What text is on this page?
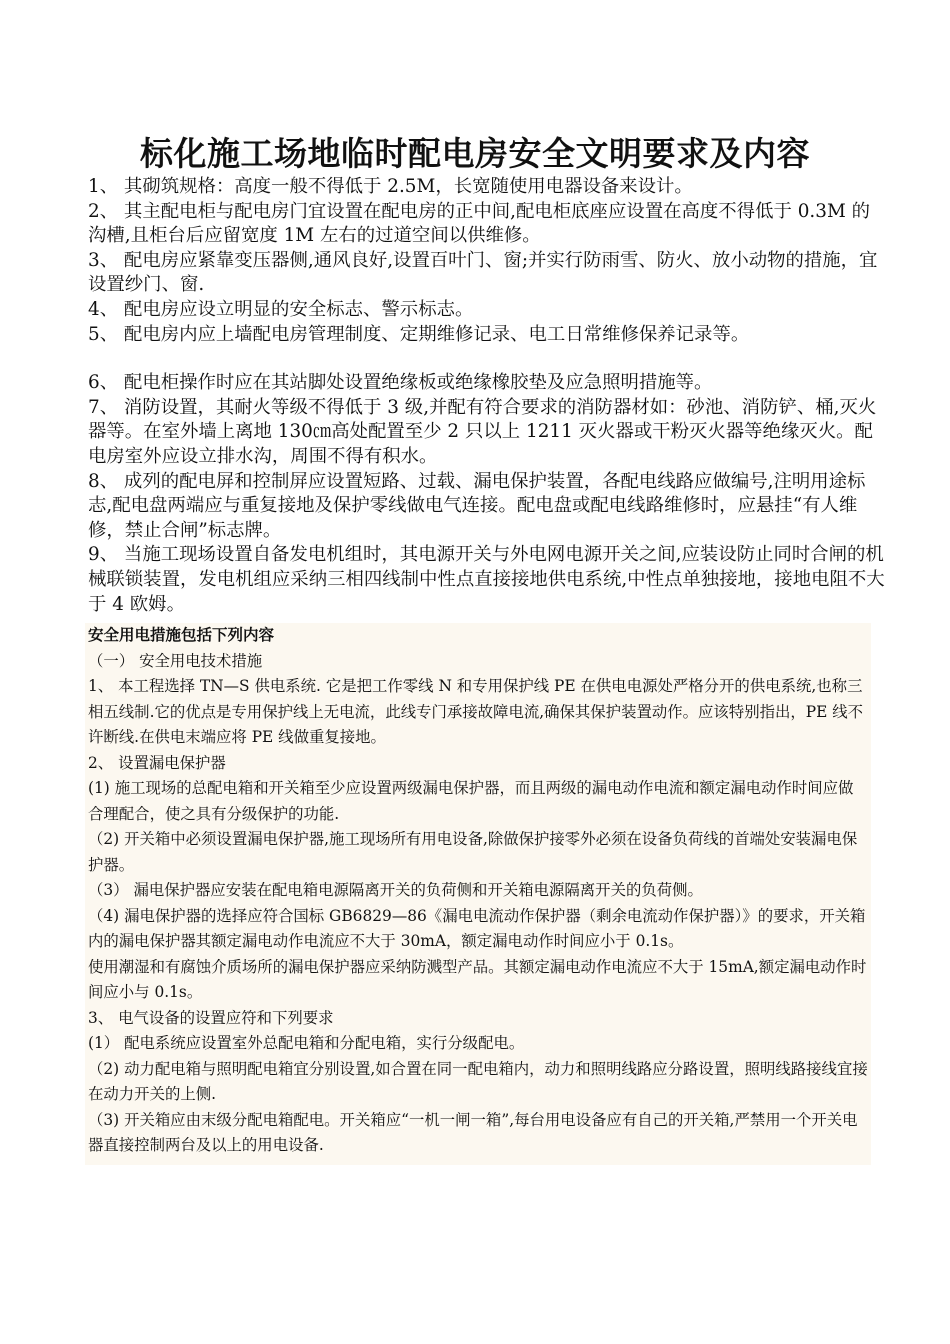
标化施工场地临时配电房安全文明要求及内容

1、 其砌筑规格：高度一般不得低于 2.5M，长宽随使用电器设备来设计。

2、 其主配电柜与配电房门宜设置在配电房的正中间,配电柜底座应设置在高度不得低于 0.3M 的沟槽,且柜台后应留宽度 1M 左右的过道空间以供维修。

3、 配电房应紧靠变压器侧,通风良好,设置百叶门、窗;并实行防雨雪、防火、放小动物的措施，宜设置纱门、窗.

4、 配电房应设立明显的安全标志、警示标志。

5、 配电房内应上墙配电房管理制度、定期维修记录、电工日常维修保养记录等。

6、 配电柜操作时应在其站脚处设置绝缘板或绝缘橡胶垫及应急照明措施等。

7、 消防设置，其耐火等级不得低于 3 级,并配有符合要求的消防器材如：砂池、消防铲、桶,灭火器等。在室外墙上离地 130㎝高处配置至少 2 只以上 1211 灭火器或干粉灭火器等绝缘灭火。配电房室外应设立排水沟，周围不得有积水。

8、 成列的配电屏和控制屏应设置短路、过载、漏电保护装置，各配电线路应做编号,注明用途标志,配电盘两端应与重复接地及保护零线做电气连接。配电盘或配电线路维修时，应悬挂“有人维修，禁止合闸”标志牌。

9、 当施工现场设置自备发电机组时，其电源开关与外电网电源开关之间,应装设防止同时合闸的机械联锁装置，发电机组应采纳三相四线制中性点直接接地供电系统,中性点单独接地，接地电阻不大于 4 欧姆。

安全用电措施包括下列内容

（一） 安全用电技术措施

1、 本工程选择 TN—S 供电系统. 它是把工作零线 N 和专用保护线 PE 在供电电源处严格分开的供电系统,也称三相五线制.它的优点是专用保护线上无电流，此线专门承接故障电流,确保其保护装置动作。应该特别指出，PE 线不许断线.在供电末端应将 PE 线做重复接地。

2、 设置漏电保护器

(1) 施工现场的总配电箱和开关箱至少应设置两级漏电保护器，而且两级的漏电动作电流和额定漏电动作时间应做合理配合，使之具有分级保护的功能.

（2) 开关箱中必须设置漏电保护器,施工现场所有用电设备,除做保护接零外必须在设备负荷线的首端处安装漏电保护器。

（3） 漏电保护器应安装在配电箱电源隔离开关的负荷侧和开关箱电源隔离开关的负荷侧。

（4) 漏电保护器的选择应符合国标 GB6829—86《漏电电流动作保护器（剩余电流动作保护器）》的要求，开关箱内的漏电保护器其额定漏电动作电流应不大于 30mA，额定漏电动作时间应小于 0.1s。

使用潮湿和有腐蚀介质场所的漏电保护器应采纳防溅型产品。其额定漏电动作电流应不大于 15mA,额定漏电动作时间应小与 0.1s。

3、 电气设备的设置应符和下列要求

(1） 配电系统应设置室外总配电箱和分配电箱，实行分级配电。

（2) 动力配电箱与照明配电箱宜分别设置,如合置在同一配电箱内，动力和照明线路应分路设置，照明线路接线宜接在动力开关的上侧.

（3) 开关箱应由末级分配电箱配电。开关箱应“一机一闸一箱”,每台用电设备应有自己的开关箱,严禁用一个开关电器直接控制两台及以上的用电设备.
